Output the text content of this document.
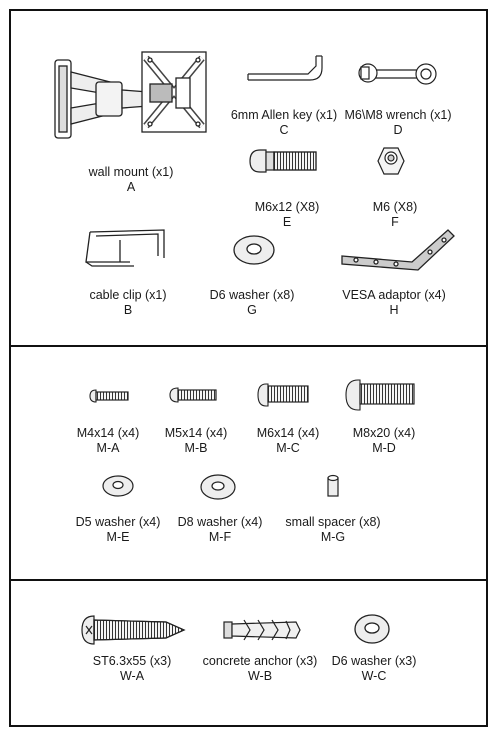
wall mount (x1)
A
6mm Allen key (x1)
C
M6\M8 wrench (x1)
D
M6x12 (X8)
E
M6 (X8)
F
cable clip (x1)
B
D6 washer (x8)
G
VESA adaptor (x4)
H
M4x14 (x4)
M-A
M5x14 (x4)
M-B
M6x14 (x4)
M-C
M8x20 (x4)
M-D
D5 washer (x4)
M-E
D8 washer (x4)
M-F
small spacer (x8)
M-G
ST6.3x55 (x3)
W-A
concrete anchor (x3)
W-B
D6 washer (x3)
W-C
